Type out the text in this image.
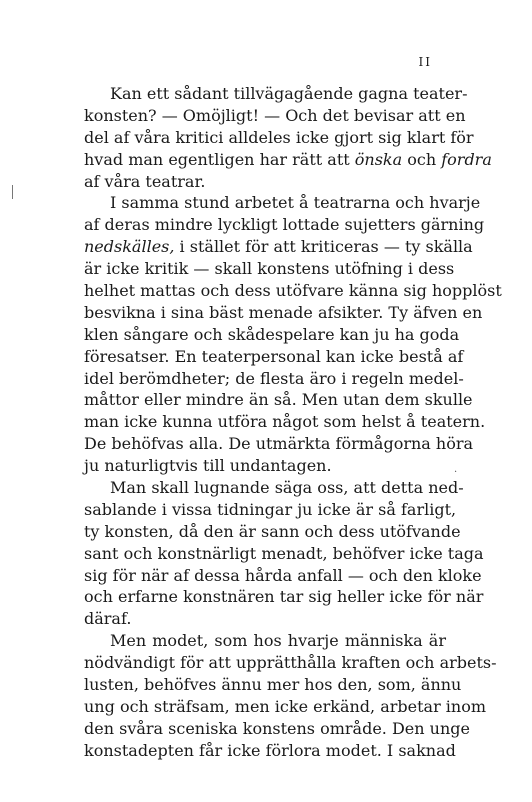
II
.
Kan ett sådant tillvägagående gagna teater-
konsten? — Omöjligt! — Och det bevisar att en
del af våra kritici alldeles icke gjort sig klart för
hvad man egentligen har rätt att önska och fordra
af våra teatrar.
I samma stund arbetet å teatrarna och hvarje
af deras mindre lyckligt lottade sujetters gärning
nedskälles, i stället för att kriticeras — ty skälla
är icke kritik — skall konstens utöfning i dess
helhet mattas och dess utöfvare känna sig hopplöst
besvikna i sina bäst menade afsikter. Ty äfven en
klen sångare och skådespelare kan ju ha goda
föresatser. En teaterpersonal kan icke bestå af
idel berömdheter; de flesta äro i regeln medel-
måttor eller mindre än så. Men utan dem skulle
man icke kunna utföra något som helst å teatern.
De behöfvas alla. De utmärkta förmågorna höra
ju naturligtvis till undantagen.
Man skall lugnande säga oss, att detta ned-
sablande i vissa tidningar ju icke är så farligt,
ty konsten, då den är sann och dess utöfvande
sant och konstnärligt menadt, behöfver icke taga
sig för när af dessa hårda anfall — och den kloke
och erfarne konstnären tar sig heller icke för när
däraf.
Men modet, som hos hvarje människa är
nödvändigt för att upprätthålla kraften och arbets-
lusten, behöfves ännu mer hos den, som, ännu
ung och sträfsam, men icke erkänd, arbetar inom
den svåra sceniska konstens område. Den unge
konstadepten får icke förlora modet. I saknad
